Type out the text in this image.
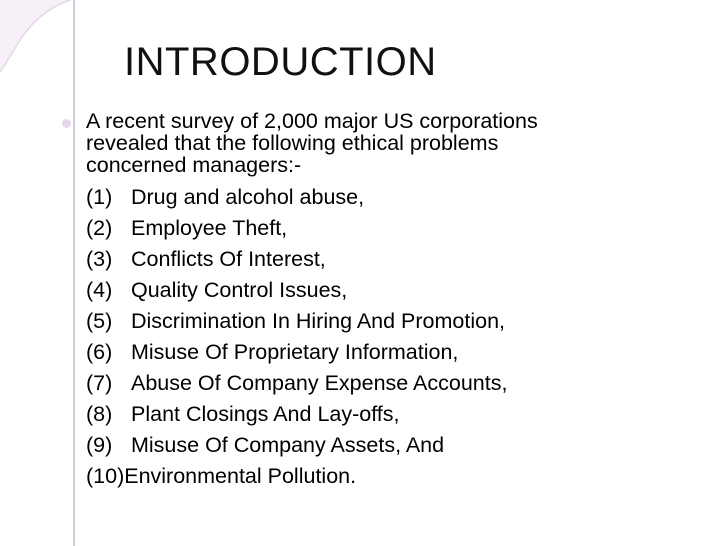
INTRODUCTION
A recent survey of 2,000 major US corporations
revealed that the following ethical problems
concerned managers:-
(1) Drug and alcohol abuse,
(2) Employee Theft,
(3) Conflicts Of Interest,
(4) Quality Control Issues,
(5) Discrimination In Hiring And Promotion,
(6) Misuse Of Proprietary Information,
(7) Abuse Of Company Expense Accounts,
(8) Plant Closings And Lay-offs,
(9) Misuse Of Company Assets, And
(10) Environmental Pollution.
